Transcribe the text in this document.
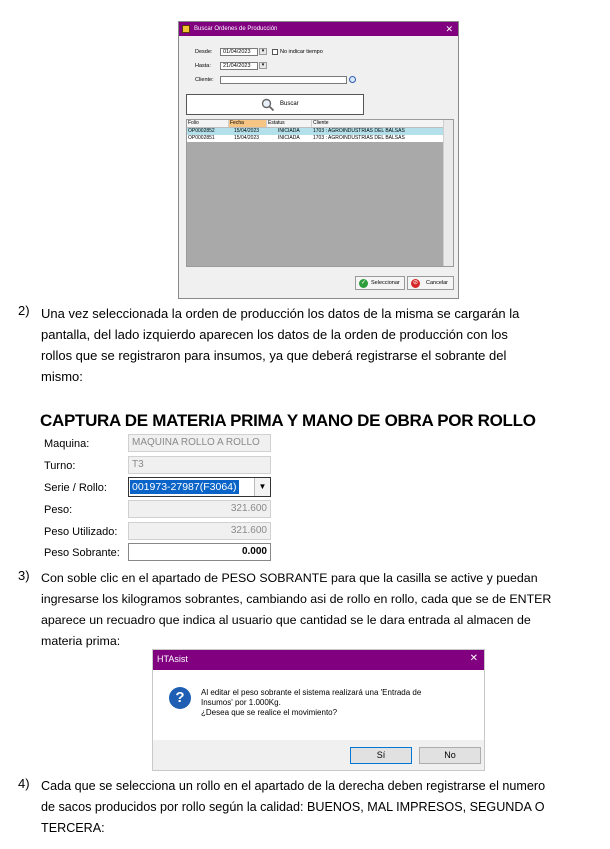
Buscar Ordenes de Producción	✕
Desde:	01/04/2023	▾	No indicar tiempo
Hasta:	21/04/2023	▾
Cliente:
Buscar
Folio	Fecha	Estatus	Cliente
OP0002852	15/04/2023	INICIADA	1703 : AGROINDUSTRIAS DEL BALSAS
OP0002851	15/04/2023	INICIADA	1703 : AGROINDUSTRIAS DEL BALSAS
✓ Seleccionar	⊘	Cancelar
2) Una vez seleccionada la orden de producción los datos de la misma se cargarán la
pantalla, del lado izquierdo aparecen los datos de la orden de producción con los
rollos que se registraron para insumos, ya que deberá registrarse el sobrante del
mismo:
CAPTURA DE MATERIA PRIMA Y MANO DE OBRA POR ROLLO
Maquina:	MAQUINA ROLLO A ROLLO
Turno:	T3
Serie / Rollo: 001973-27987(F3064)	▼
Peso:	321.600
Peso Utilizado:	321.600
Peso Sobrante:	0.000
3) Con soble clic en el apartado de PESO SOBRANTE para que la casilla se active y puedan
ingresarse los kilogramos sobrantes, cambiando asi de rollo en rollo, cada que se de ENTER
aparece un recuadro que indica al usuario que cantidad se le dara entrada al almacen de
materia prima:
HTAsist	✕
?	Al editar el peso sobrante el sistema realizará una 'Entrada de
Insumos' por 1.000Kg.
¿Desea que se realice el movimiento?
Sí	No
4) Cada que se selecciona un rollo en el apartado de la derecha deben registrarse el numero
de sacos producidos por rollo según la calidad: BUENOS, MAL IMPRESOS, SEGUNDA O
TERCERA:
